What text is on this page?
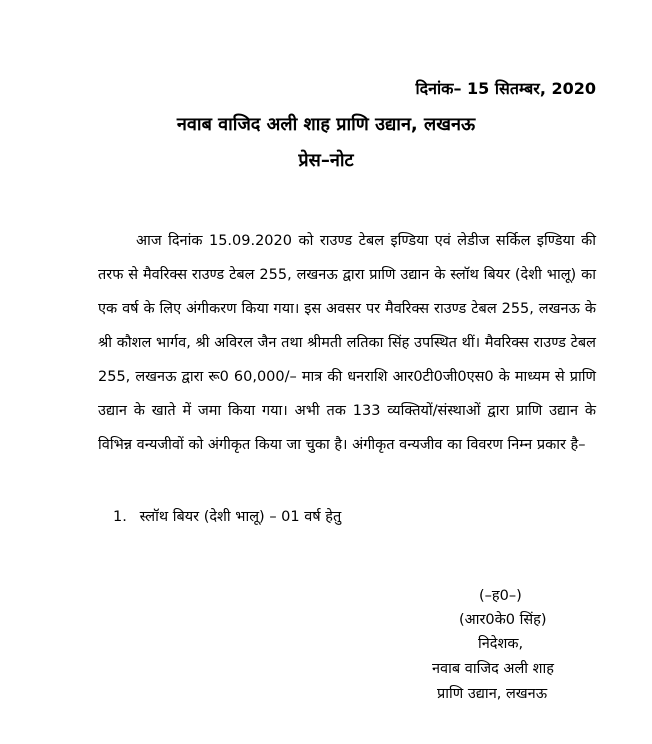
दिनांक– 15 सितम्बर, 2020
नवाब वाजिद अली शाह प्राणि उद्यान, लखनऊ
प्रेस–नोट
आज दिनांक 15.09.2020 को राउण्ड टेबल इण्डिया एवं लेडीज सर्किल इण्डिया की तरफ से मैवरिक्स राउण्ड टेबल 255, लखनऊ द्वारा प्राणि उद्यान के स्लॉथ बियर (देशी भालू) का एक वर्ष के लिए अंगीकरण किया गया। इस अवसर पर मैवरिक्स राउण्ड टेबल 255, लखनऊ के श्री कौशल भार्गव, श्री अविरल जैन तथा श्रीमती लतिका सिंह उपस्थित थीं। मैवरिक्स राउण्ड टेबल 255, लखनऊ द्वारा रू0 60,000/– मात्र की धनराशि आर0टी0जी0एस0 के माध्यम से प्राणि उद्यान के खाते में जमा किया गया। अभी तक 133 व्यक्तियों/संस्थाओं द्वारा प्राणि उद्यान के विभिन्न वन्यजीवों को अंगीकृत किया जा चुका है। अंगीकृत वन्यजीव का विवरण निम्न प्रकार है–
1. स्लॉथ बियर (देशी भालू) – 01 वर्ष हेतु
(–ह0–)
(आर0के0 सिंह)
निदेशक,
नवाब वाजिद अली शाह
प्राणि उद्यान, लखनऊ
